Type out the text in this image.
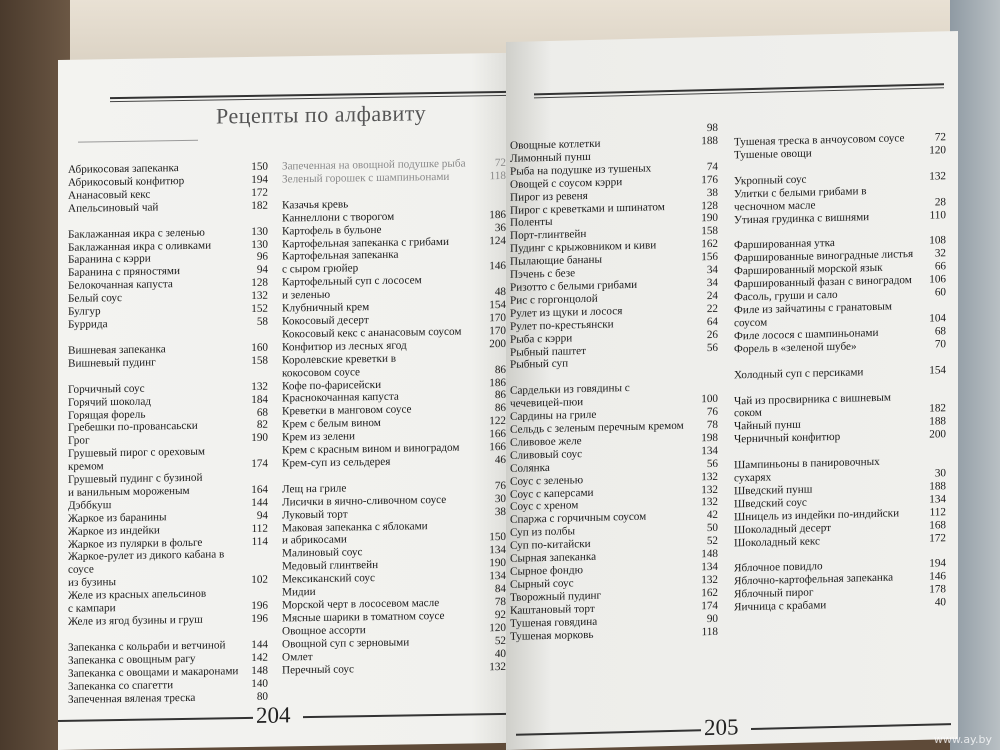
Рецепты по алфавиту
Абрикосовая запеканка	150
Абрикосовый конфитюр	194
Ананасовый кекс	172
Апельсиновый чай	182
Баклажанная икра с зеленью	130
Баклажанная икра с оливками	130
Баранина с кэрри	96
Баранина с пряностями	94
Белокочанная капуста	128
Белый соус	132
Булгур	152
Буррида	58
Вишневая запеканка	160
Вишневый пудинг	158
Горчичный соус	132
Горячий шоколад	184
Горящая форель	68
Гребешки по-провансаьски	82
Грог	190
Грушевый пирог с ореховым кремом	174
Грушевый пудинг с бузиной
и ванильным мороженым	164
Дэббкуш	144
Жаркое из баранины	94
Жаркое из индейки	112
Жаркое из пулярки в фольге	114
Жаркое-рулет из дикого кабана в соусе
из бузины	102
Желе из красных апельсинов
с кампари	196
Желе из ягод бузины и груш	196
Запеканка с кольраби и ветчиной	144
Запеканка с овощным рагу	142
Запеканка с овощами и макаронами	148
Запеканка со спагетти	140
Запеченная вяленая треска	80
Запеченная на овощной подушке рыба	72
Зеленый горошек с шампиньонами	118
Казачья кревь
Каннеллони с творогом	186
Картофель в бульоне	36
Картофельная запеканка с грибами	124
Картофельная запеканка
с сыром грюйер	146
Картофельный суп с лососем
и зеленью	48
Клубничный крем	154
Кокосовый десерт	170
Кокосовый кекс с ананасовым соусом	170
Конфитюр из лесных ягод	200
Королевские креветки в
кокосовом соусе	86
Кофе по-фарисейски	186
Краснокочанная капуста	86
Креветки в манговом соусе	86
Крем с белым вином	122
Крем из зелени	166
Крем с красным вином и виноградом	166
Крем-суп из сельдерея	46
Лещ на гриле	76
Лисички в яично-сливочном соусе	30
Луковый торт	38
Маковая запеканка с яблоками
и абрикосами	150
Малиновый соус	134
Медовый глинтвейн	190
Мексиканский соус	134
Мидии	84
Морской черт в лососевом масле	78
Мясные шарики в томатном соусе	92
Овощное ассорти	120
Овощной суп с зерновыми	52
Омлет	40
Перечный соус	132
204
98
Овощные котлетки	188
Лимонный пунш
Рыба на подушке из тушеных	74
Овощей с соусом кэрри	176
Пирог из ревеня	38
Пирог с креветками и шпинатом	128
Поленты	190
Порт-глинтвейн	158
Пудинг с крыжовником и киви	162
Пылающие бананы	156
Пэчень с безе	34
Ризотто с белыми грибами	34
Рис с горгонцолой	24
Рулет из щуки и лосося	22
Рулет по-крестьянски	64
Рыба с кэрри	26
Рыбный паштет	56
Рыбный суп
Сардельки из говядины с
чечевицей-пюи	100
Сардины на гриле	76
Сельдь с зеленым перечным кремом	78
Сливовое желе	198
Сливовый соус	134
Солянка	56
Соус с зеленью	132
Соус с каперсами	132
Соус с хреном	132
Спаржа с горчичным соусом	42
Суп из полбы	50
Суп по-китайски	52
Сырная запеканка	148
Сырное фондю	134
Сырный соус	132
Творожный пудинг	162
Каштановый торт	174
Тушеная говядина	90
Тушеная морковь	118
Тушеная треска в анчоусовом соусе	72
Тушеные овощи	120
Укропный соус	132
Улитки с белыми грибами в
чесночном масле	28
Утиная грудинка с вишнями	110
Фаршированная утка	108
Фаршированные виноградные листья	32
Фаршированный морской язык	66
Фаршированный фазан с виноградом	106
Фасоль, груши и сало	60
Филе из зайчатины с гранатовым
соусом	104
Филе лосося с шампиньонами	68
Форель в «зеленой шубе»	70
Холодный суп с персиками	154
Чай из просвирника с вишневым
соком	182
Чайный пунш	188
Черничный конфитюр	200
Шампиньоны в панировочных
сухарях	30
Шведский пунш	188
Шведский соус	134
Шницель из индейки по-индийски	112
Шоколадный десерт	168
Шоколадный кекс	172
Яблочное повидло	194
Яблочно-картофельная запеканка	146
Яблочный пирог	178
Яичница с крабами	40
205	www.ay.by
